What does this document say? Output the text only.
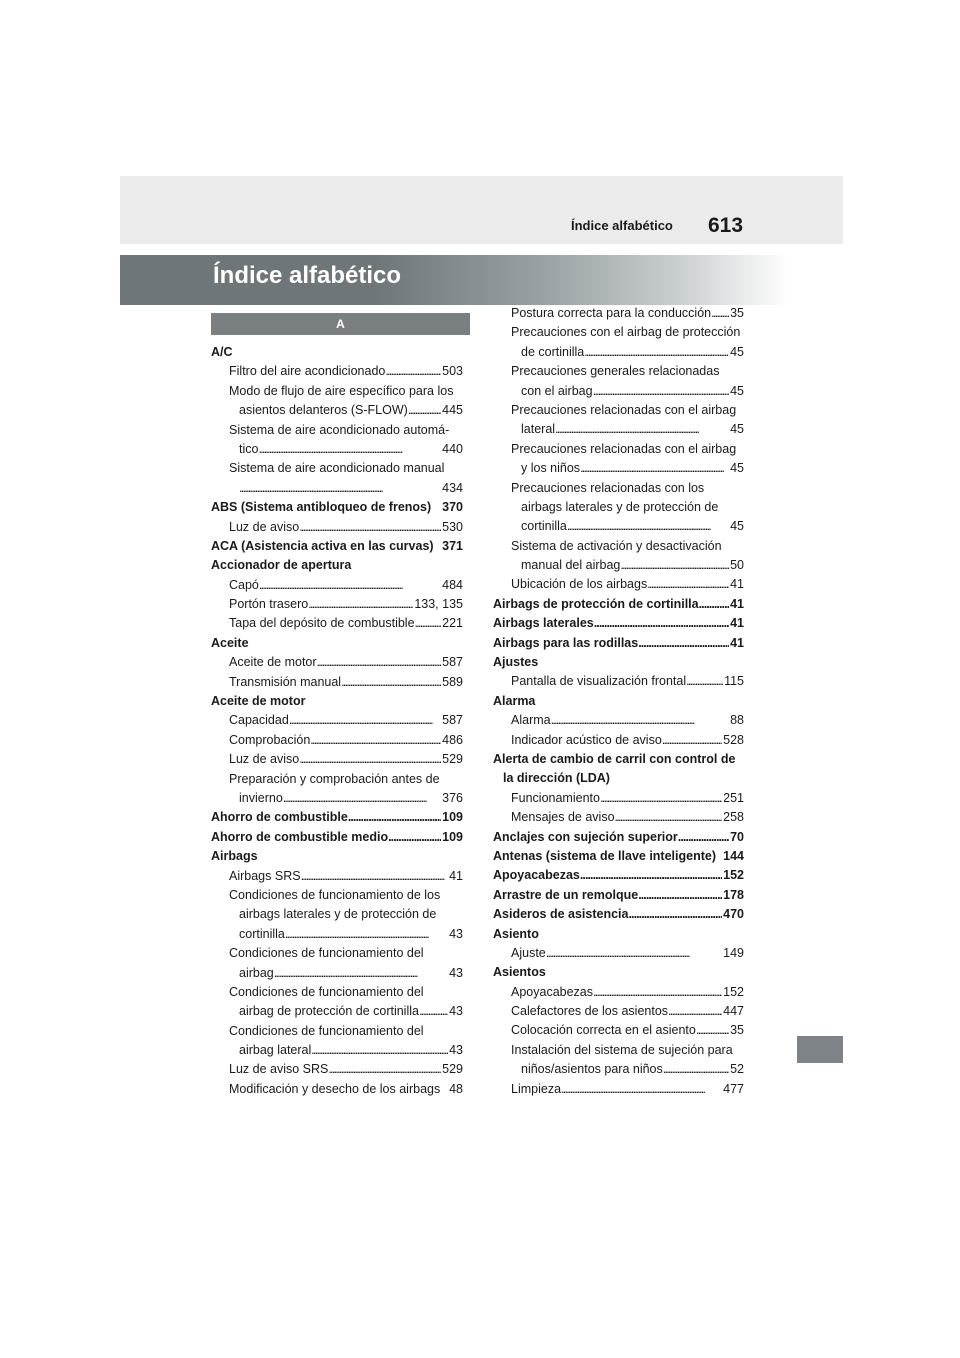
Índice alfabético 613
Índice alfabético
A
A/C
Filtro del aire acondicionado . . .	503
Modo de flujo de aire específico para los
asientos delanteros (S-FLOW) . . .	445
Sistema de aire acondicionado automá-
tico . . .	440
Sistema de aire acondicionado manual
. . .
434
ABS (Sistema antibloqueo de frenos) 370
Luz de aviso . . .	530
ACA (Asistencia activa en las curvas) 371
Accionador de apertura
Capó . . .	484
Portón trasero . . .	133, 135
Tapa del depósito de combustible . . . 221
Aceite
Aceite de motor . . .	587
Transmisión manual . . .	589
Aceite de motor
Capacidad . . .	587
Comprobación . . .	486
Luz de aviso . . .	529
Preparación y comprobación antes de
invierno . . .	376
Ahorro de combustible . . .	109
Ahorro de combustible medio . . .	109
Airbags
Airbags SRS . . .	41
Condiciones de funcionamiento de los
airbags laterales y de protección de
cortinilla . . .	43
Condiciones de funcionamiento del
airbag . . .	43
Condiciones de funcionamiento del
airbag de protección de cortinilla . . . 43
Condiciones de funcionamiento del
airbag lateral . . .	43
Luz de aviso SRS . . .	529
Modificación y desecho de los airbags 48
Postura correcta para la conducción . . . 35
Precauciones con el airbag de protección
de cortinilla . . .	45
Precauciones generales relacionadas
con el airbag . . .	45
Precauciones relacionadas con el airbag
lateral . . .	45
Precauciones relacionadas con el airbag
y los niños . . .	45
Precauciones relacionadas con los
airbags laterales y de protección de
cortinilla . . .	45
Sistema de activación y desactivación
manual del airbag . . .	50
Ubicación de los airbags . . .	41
Airbags de protección de cortinilla . . .	41
Airbags laterales . . .	41
Airbags para las rodillas . . .	41
Ajustes
Pantalla de visualización frontal . . .	115
Alarma
Alarma . . .	88
Indicador acústico de aviso . . .	528
Alerta de cambio de carril con control de
la dirección (LDA)
Funcionamiento . . .	251
Mensajes de aviso . . .	258
Anclajes con sujeción superior . . .	70
Antenas (sistema de llave inteligente) 144
Apoyacabezas . . .	152
Arrastre de un remolque . . .	178
Asideros de asistencia . . .	470
Asiento
Ajuste . . .	149
Asientos
Apoyacabezas . . .	152
Calefactores de los asientos . . .	447
Colocación correcta en el asiento . . .	35
Instalación del sistema de sujeción para
niños/asientos para niños . . .	52
Limpieza . . .	477
